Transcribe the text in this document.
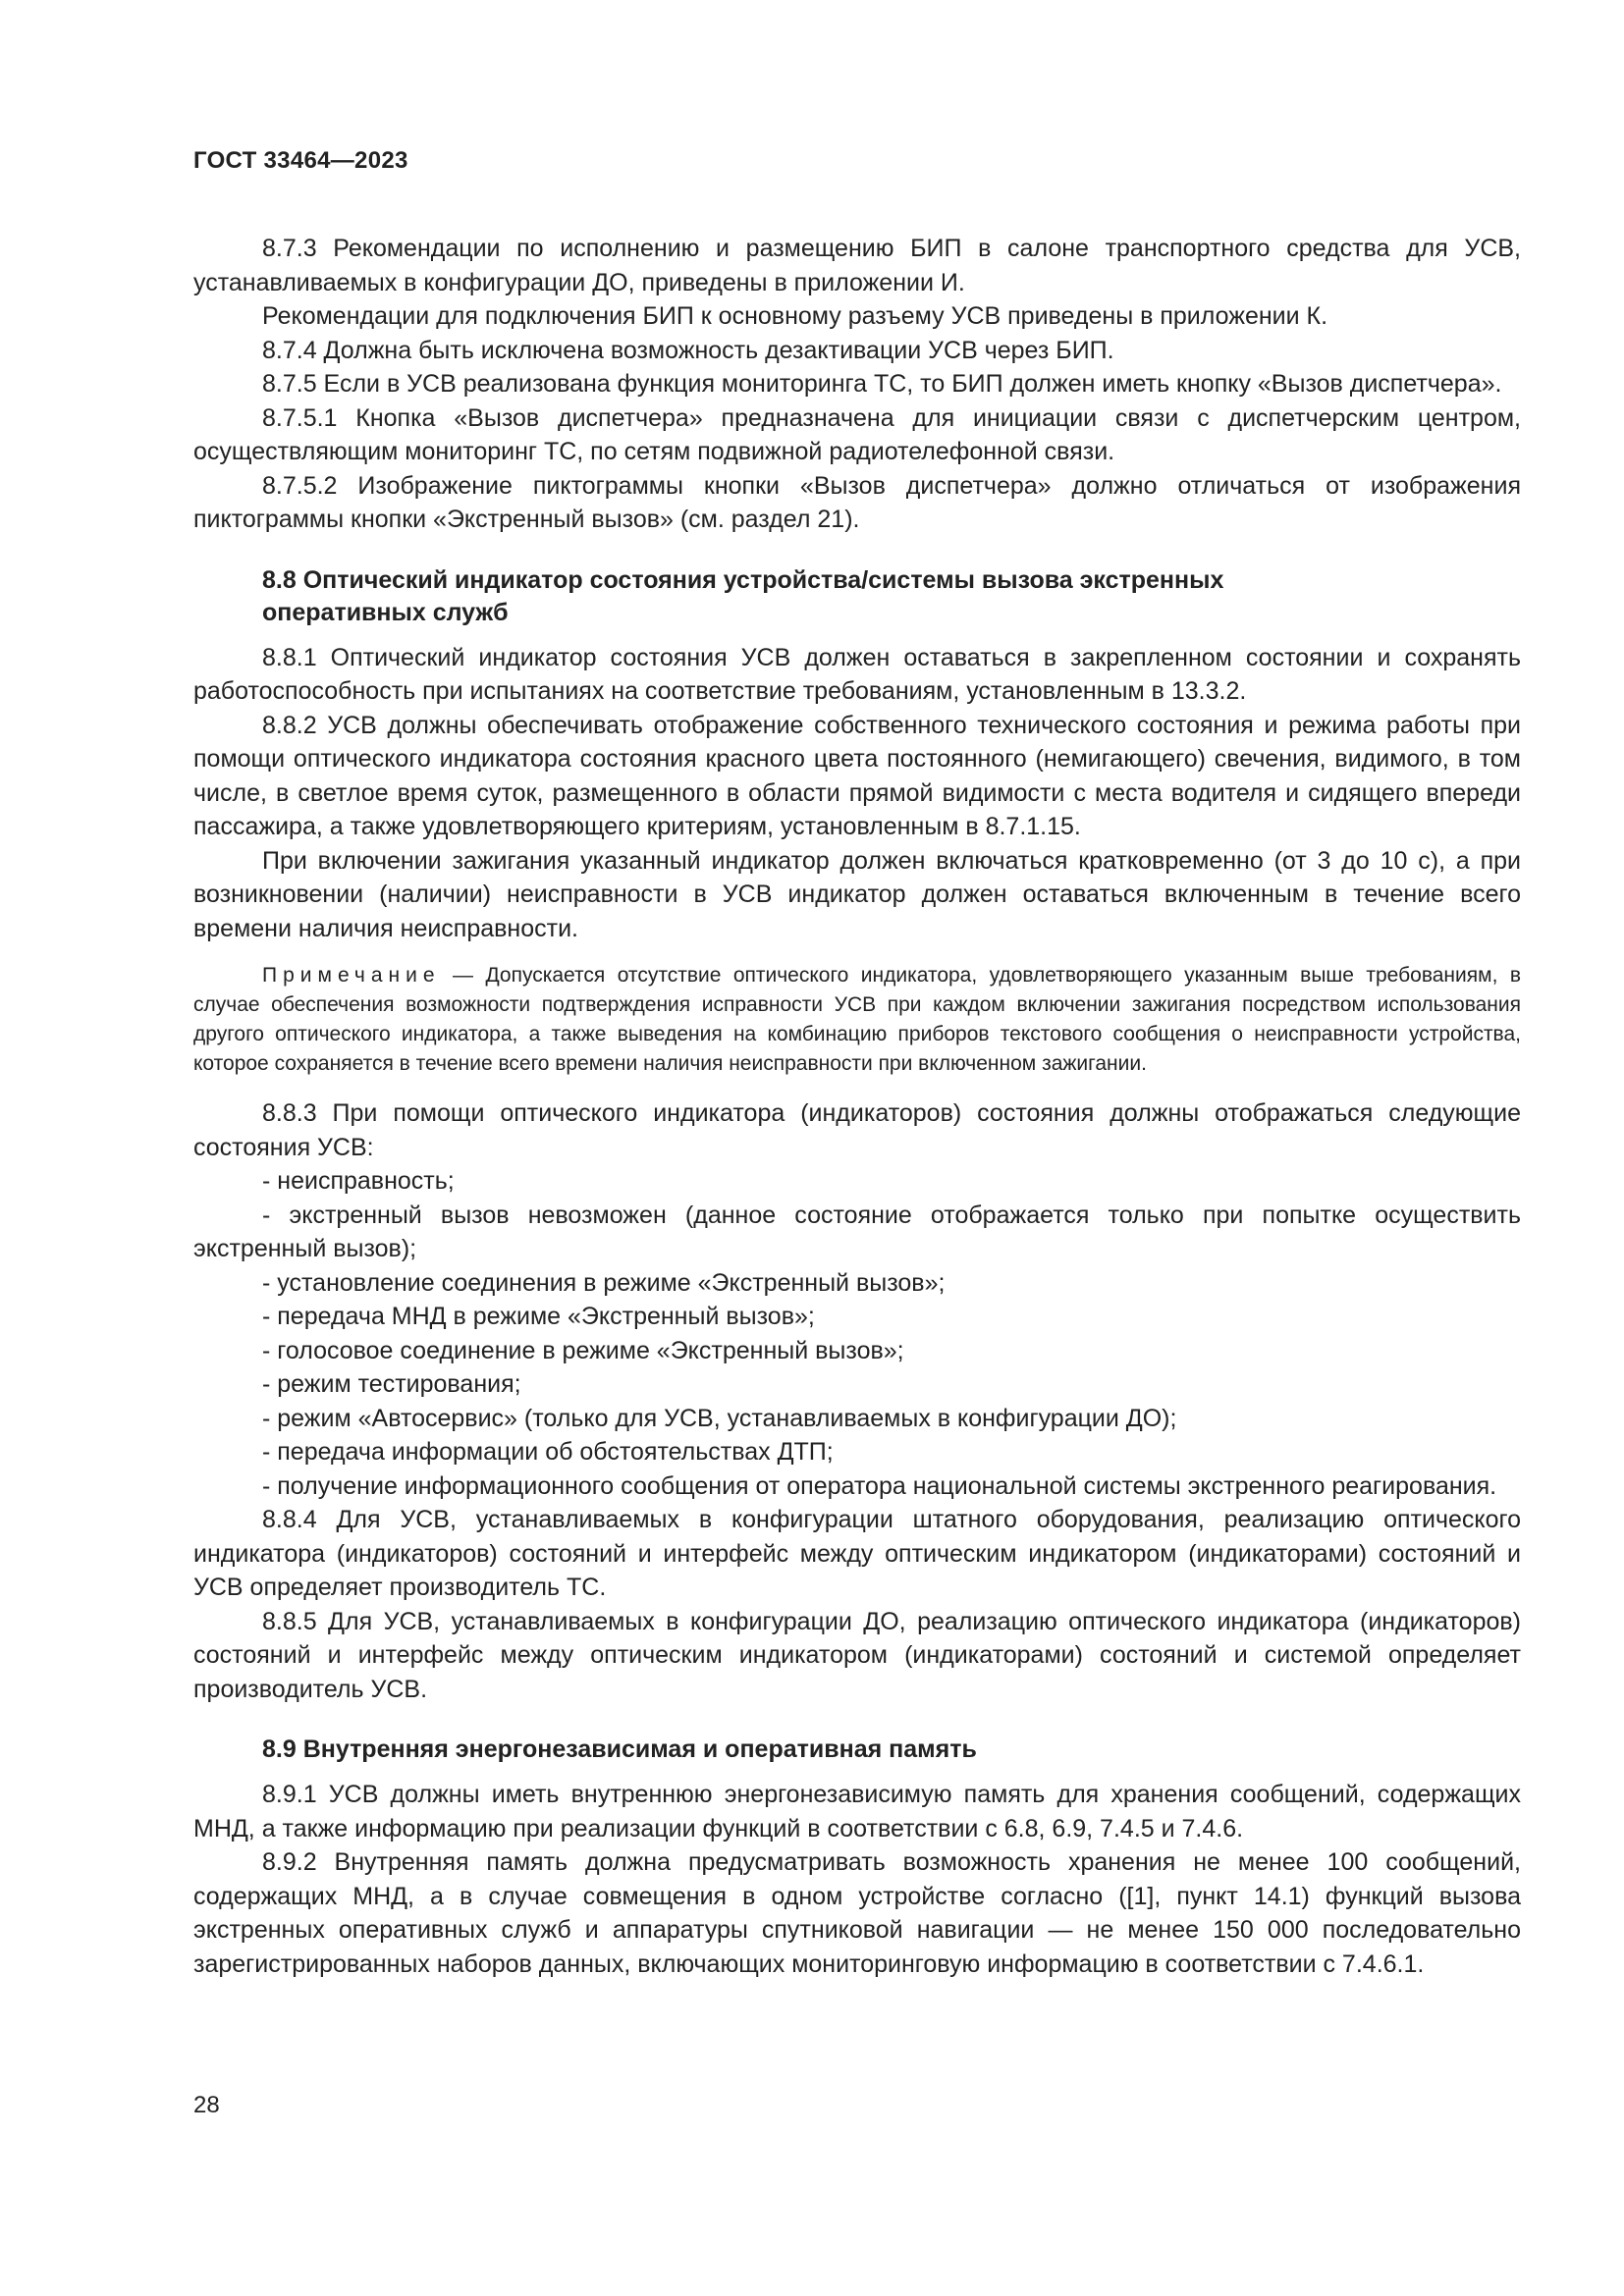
ГОСТ 33464—2023
8.7.3 Рекомендации по исполнению и размещению БИП в салоне транспортного средства для УСВ, устанавливаемых в конфигурации ДО, приведены в приложении И.
Рекомендации для подключения БИП к основному разъему УСВ приведены в приложении К.
8.7.4 Должна быть исключена возможность дезактивации УСВ через БИП.
8.7.5 Если в УСВ реализована функция мониторинга ТС, то БИП должен иметь кнопку «Вызов диспетчера».
8.7.5.1 Кнопка «Вызов диспетчера» предназначена для инициации связи с диспетчерским центром, осуществляющим мониторинг ТС, по сетям подвижной радиотелефонной связи.
8.7.5.2 Изображение пиктограммы кнопки «Вызов диспетчера» должно отличаться от изображения пиктограммы кнопки «Экстренный вызов» (см. раздел 21).
8.8 Оптический индикатор состояния устройства/системы вызова экстренных оперативных служб
8.8.1 Оптический индикатор состояния УСВ должен оставаться в закрепленном состоянии и сохранять работоспособность при испытаниях на соответствие требованиям, установленным в 13.3.2.
8.8.2 УСВ должны обеспечивать отображение собственного технического состояния и режима работы при помощи оптического индикатора состояния красного цвета постоянного (немигающего) свечения, видимого, в том числе, в светлое время суток, размещенного в области прямой видимости с места водителя и сидящего впереди пассажира, а также удовлетворяющего критериям, установленным в 8.7.1.15.
При включении зажигания указанный индикатор должен включаться кратковременно (от 3 до 10 с), а при возникновении (наличии) неисправности в УСВ индикатор должен оставаться включенным в течение всего времени наличия неисправности.
Примечание — Допускается отсутствие оптического индикатора, удовлетворяющего указанным выше требованиям, в случае обеспечения возможности подтверждения исправности УСВ при каждом включении зажигания посредством использования другого оптического индикатора, а также выведения на комбинацию приборов текстового сообщения о неисправности устройства, которое сохраняется в течение всего времени наличия неисправности при включенном зажигании.
8.8.3 При помощи оптического индикатора (индикаторов) состояния должны отображаться следующие состояния УСВ:
- неисправность;
- экстренный вызов невозможен (данное состояние отображается только при попытке осуществить экстренный вызов);
- установление соединения в режиме «Экстренный вызов»;
- передача МНД в режиме «Экстренный вызов»;
- голосовое соединение в режиме «Экстренный вызов»;
- режим тестирования;
- режим «Автосервис» (только для УСВ, устанавливаемых в конфигурации ДО);
- передача информации об обстоятельствах ДТП;
- получение информационного сообщения от оператора национальной системы экстренного реагирования.
8.8.4 Для УСВ, устанавливаемых в конфигурации штатного оборудования, реализацию оптического индикатора (индикаторов) состояний и интерфейс между оптическим индикатором (индикаторами) состояний и УСВ определяет производитель ТС.
8.8.5 Для УСВ, устанавливаемых в конфигурации ДО, реализацию оптического индикатора (индикаторов) состояний и интерфейс между оптическим индикатором (индикаторами) состояний и системой определяет производитель УСВ.
8.9 Внутренняя энергонезависимая и оперативная память
8.9.1 УСВ должны иметь внутреннюю энергонезависимую память для хранения сообщений, содержащих МНД, а также информацию при реализации функций в соответствии с 6.8, 6.9, 7.4.5 и 7.4.6.
8.9.2 Внутренняя память должна предусматривать возможность хранения не менее 100 сообщений, содержащих МНД, а в случае совмещения в одном устройстве согласно ([1], пункт 14.1) функций вызова экстренных оперативных служб и аппаратуры спутниковой навигации — не менее 150 000 последовательно зарегистрированных наборов данных, включающих мониторинговую информацию в соответствии с 7.4.6.1.
28
